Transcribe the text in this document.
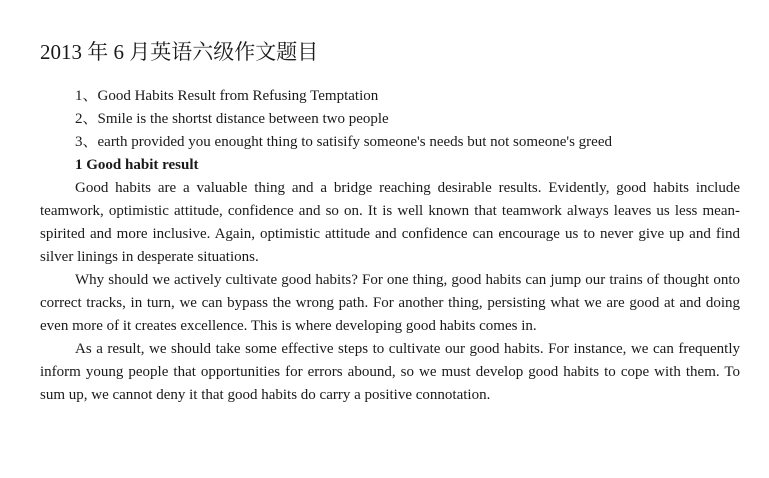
2013 年 6 月英语六级作文题目
1、Good Habits Result from Refusing Temptation
2、Smile is the shortst distance between two people
3、earth provided you enought thing to satisify someone's needs but not someone's greed

1 Good habit result

Good habits are a valuable thing and a bridge reaching desirable results. Evidently, good habits include teamwork, optimistic attitude, confidence and so on. It is well known that teamwork always leaves us less mean-spirited and more inclusive. Again, optimistic attitude and confidence can encourage us to never give up and find silver linings in desperate situations.

Why should we actively cultivate good habits? For one thing, good habits can jump our trains of thought onto correct tracks, in turn, we can bypass the wrong path. For another thing, persisting what we are good at and doing even more of it creates excellence. This is where developing good habits comes in.

As a result, we should take some effective steps to cultivate our good habits. For instance, we can frequently inform young people that opportunities for errors abound, so we must develop good habits to cope with them. To sum up, we cannot deny it that good habits do carry a positive connotation.
